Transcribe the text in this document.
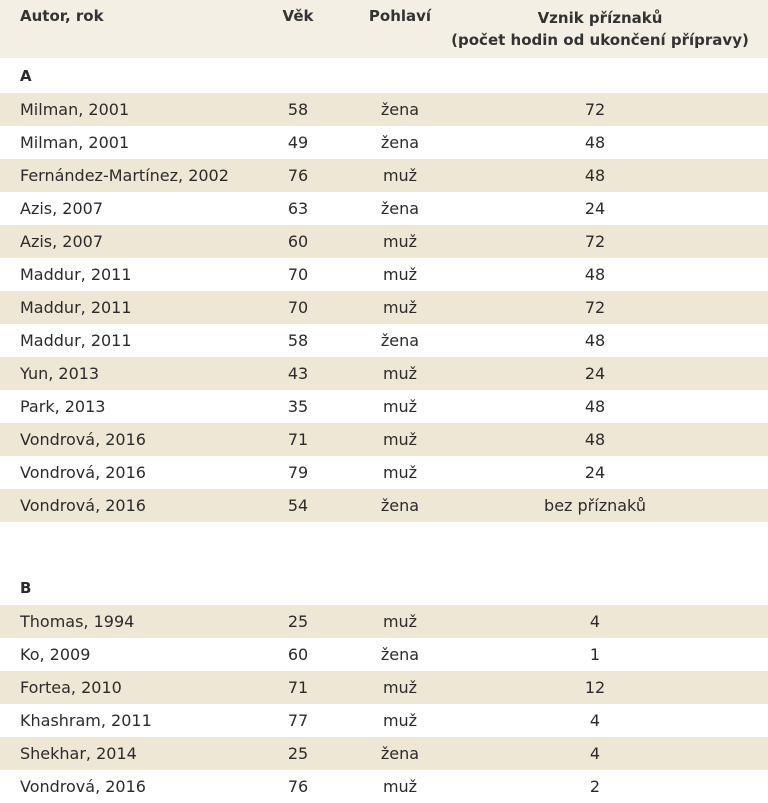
Autor, rok	Věk	Pohlaví	Vznik příznaků
(počet hodin od ukončení přípravy)
A
Milman, 2001	58	žena	72
Milman, 2001	49	žena	48
Fernández-Martínez, 2002	76	muž	48
Azis, 2007	63	žena	24
Azis, 2007	60	muž	72
Maddur, 2011	70	muž	48
Maddur, 2011	70	muž	72
Maddur, 2011	58	žena	48
Yun, 2013	43	muž	24
Park, 2013	35	muž	48
Vondrová, 2016	71	muž	48
Vondrová, 2016	79	muž	24
Vondrová, 2016	54	žena	bez příznaků
B
Thomas, 1994	25	muž	4
Ko, 2009	60	žena	1
Fortea, 2010	71	muž	12
Khashram, 2011	77	muž	4
Shekhar, 2014	25	žena	4
Vondrová, 2016	76	muž	2
